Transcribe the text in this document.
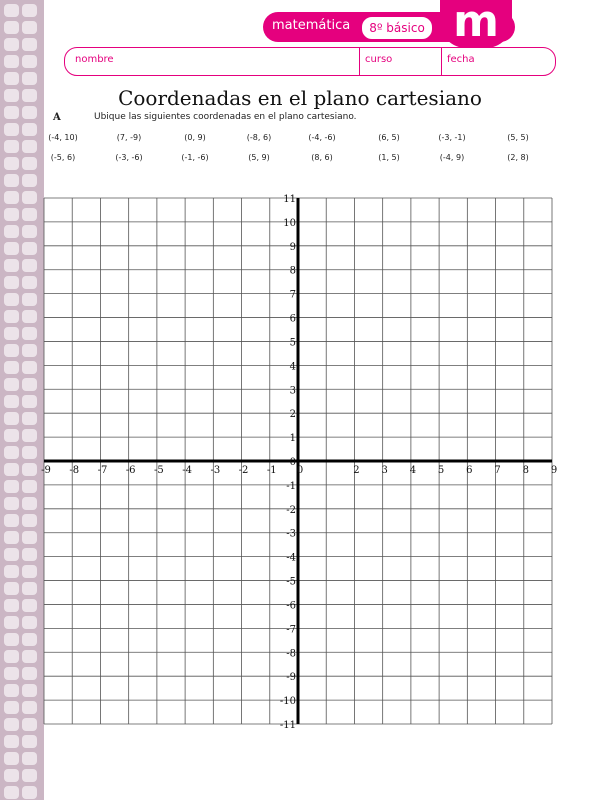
matemática	8º básico m
nombre	curso	fecha
Coordenadas en el plano cartesiano
A	Ubique las siguientes coordenadas en el plano cartesiano.
(-4, 10)	(7, -9)	(0, 9)	(-8, 6)	(-4, -6)	(6, 5)	(-3, -1)	(5, 5)
(-5, 6)	(-3, -6)	(-1, -6)	(5, 9)	(8, 6)	(1, 5)	(-4, 9)	(2, 8)
-9 -8 -7 -6 -5 -4 -3 -2 -1 0	2 3 4 5 6 7 8 9
11
10
9
8
7
6
5
4
3
2
1
0
-1
-2
-3
-4
-5
-6
-7
-8
-9
-10
-11
